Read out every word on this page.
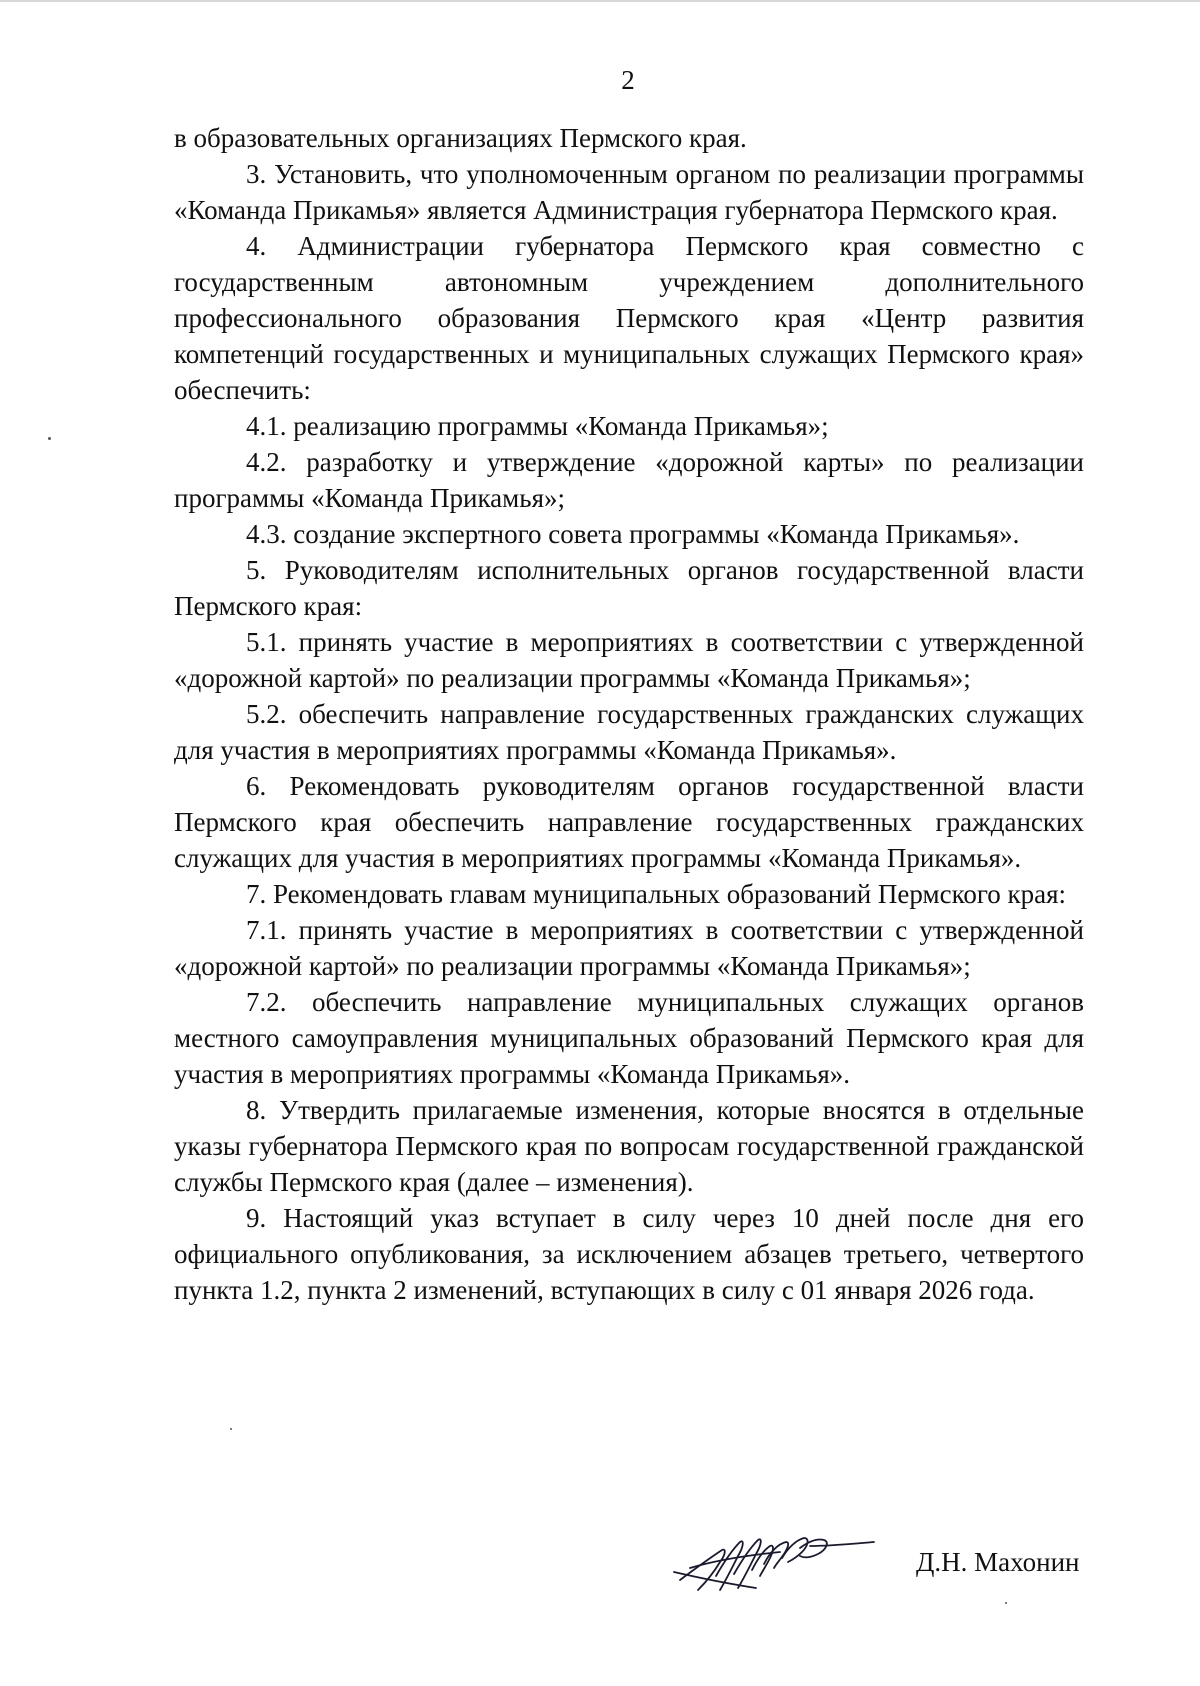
2

в образовательных организациях Пермского края.

3. Установить, что уполномоченным органом по реализации программы «Команда Прикамья» является Администрация губернатора Пермского края.

4. Администрации губернатора Пермского края совместно с государственным автономным учреждением дополнительного профессионального образования Пермского края «Центр развития компетенций государственных и муниципальных служащих Пермского края» обеспечить:

4.1. реализацию программы «Команда Прикамья»;

4.2. разработку и утверждение «дорожной карты» по реализации программы «Команда Прикамья»;

4.3. создание экспертного совета программы «Команда Прикамья».

5. Руководителям исполнительных органов государственной власти Пермского края:

5.1. принять участие в мероприятиях в соответствии с утвержденной «дорожной картой» по реализации программы «Команда Прикамья»;

5.2. обеспечить направление государственных гражданских служащих для участия в мероприятиях программы «Команда Прикамья».

6. Рекомендовать руководителям органов государственной власти Пермского края обеспечить направление государственных гражданских служащих для участия в мероприятиях программы «Команда Прикамья».

7. Рекомендовать главам муниципальных образований Пермского края:

7.1. принять участие в мероприятиях в соответствии с утвержденной «дорожной картой» по реализации программы «Команда Прикамья»;

7.2. обеспечить направление муниципальных служащих органов местного самоуправления муниципальных образований Пермского края для участия в мероприятиях программы «Команда Прикамья».

8. Утвердить прилагаемые изменения, которые вносятся в отдельные указы губернатора Пермского края по вопросам государственной гражданской службы Пермского края (далее – изменения).

9. Настоящий указ вступает в силу через 10 дней после дня его официального опубликования, за исключением абзацев третьего, четвертого пункта 1.2, пункта 2 изменений, вступающих в силу с 01 января 2026 года.

Д.Н. Махонин
